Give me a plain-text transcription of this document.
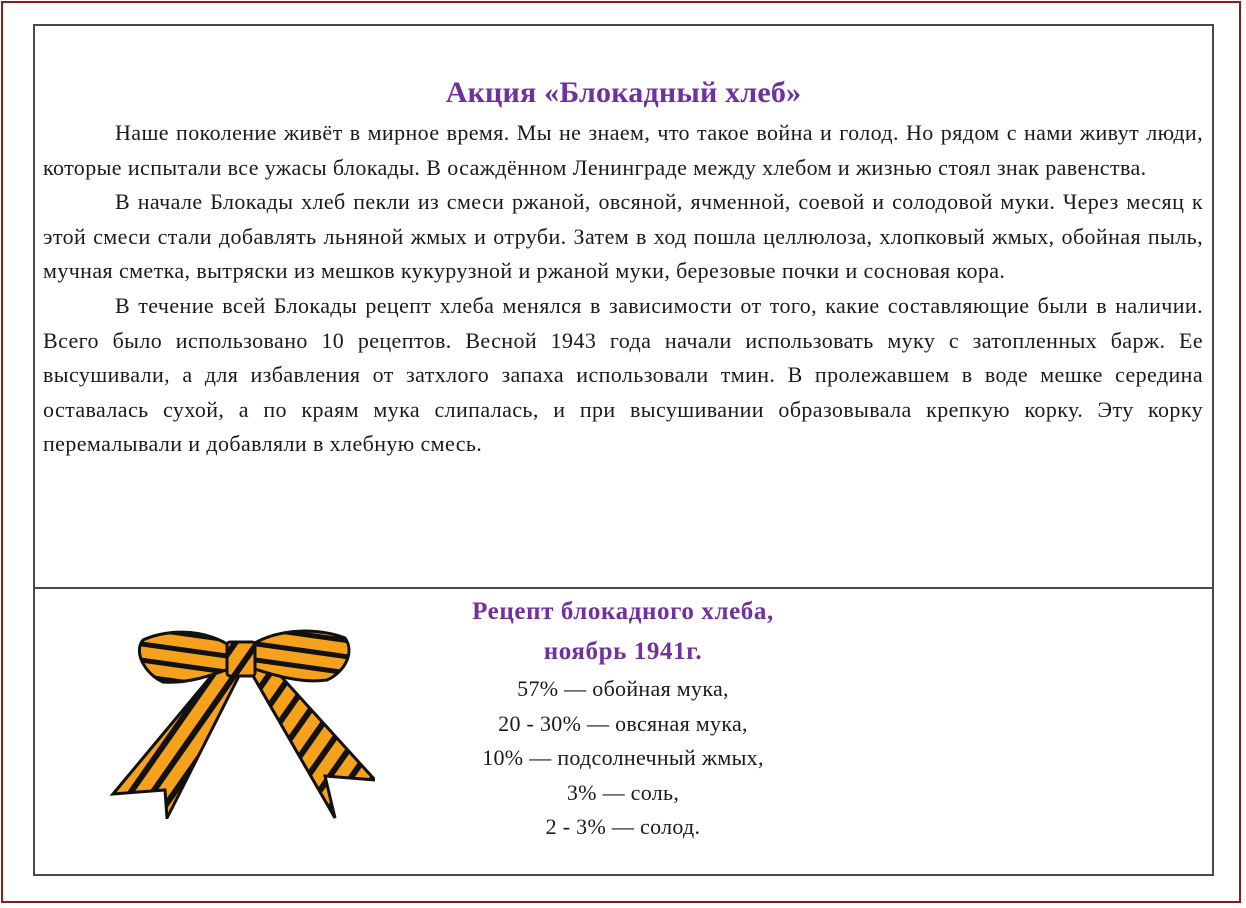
Акция «Блокадный хлеб»

Наше поколение живёт в мирное время. Мы не знаем, что такое война и голод. Но рядом с нами живут люди, которые испытали все ужасы блокады. В осаждённом Ленинграде между хлебом и жизнью стоял знак равенства.

В начале Блокады хлеб пекли из смеси ржаной, овсяной, ячменной, соевой и солодовой муки. Через месяц к этой смеси стали добавлять льняной жмых и отруби. Затем в ход пошла целлюлоза, хлопковый жмых, обойная пыль, мучная сметка, вытряски из мешков кукурузной и ржаной муки, березовые почки и сосновая кора.

В течение всей Блокады рецепт хлеба менялся в зависимости от того, какие составляющие были в наличии. Всего было использовано 10 рецептов. Весной 1943 года начали использовать муку с затопленных барж. Ее высушивали, а для избавления от затхлого запаха использовали тмин. В пролежавшем в воде мешке середина оставалась сухой, а по краям мука слипалась, и при высушивании образовывала крепкую корку. Эту корку перемалывали и добавляли в хлебную смесь.

Рецепт блокадного хлеба,
ноябрь 1941г.
57% — обойная мука,
20 - 30% — овсяная мука,
10% — подсолнечный жмых,
3% — соль,
2 - 3% — солод.
